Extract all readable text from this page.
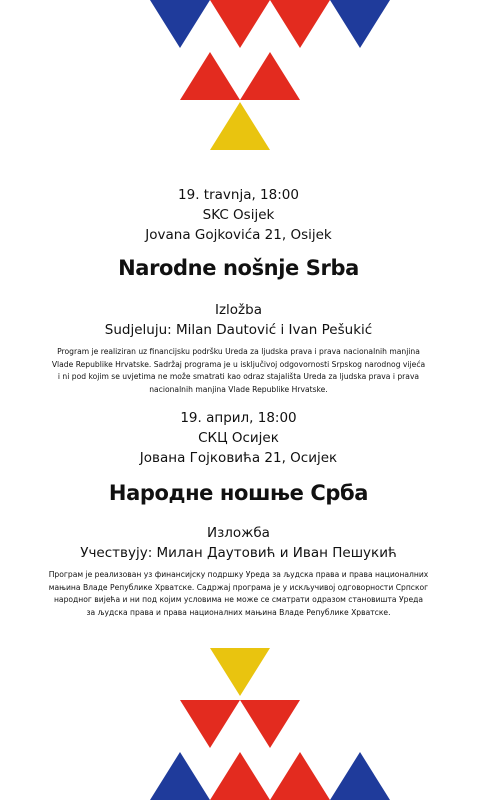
19. travnja, 18:00
SKC Osijek
Jovana Gojkovića 21, Osijek
Narodne nošnje Srba
Izložba
Sudjeluju: Milan Dautović i Ivan Pešukić
Program je realiziran uz financijsku podršku Ureda za ljudska prava i prava nacionalnih manjina
Vlade Republike Hrvatske. Sadržaj programa je u isključivoj odgovornosti Srpskog narodnog vijeća
i ni pod kojim se uvjetima ne može smatrati kao odraz stajališta Ureda za ljudska prava i prava
nacionalnih manjina Vlade Republike Hrvatske.
19. април, 18:00
СКЦ Осијек
Јована Гојковића 21, Осијек
Народне ношње Срба
Изложба
Учествују: Милан Даутовић и Иван Пешукић
Програм је реализован уз финансијску подршку Уреда за људска права и права националних
мањина Владе Републике Хрватске. Садржај програма је у искључивој одговорности Српског
народног вијећа и ни под којим условима не може се сматрати одразом становишта Уреда
за људска права и права националних мањина Владе Републике Хрватске.
